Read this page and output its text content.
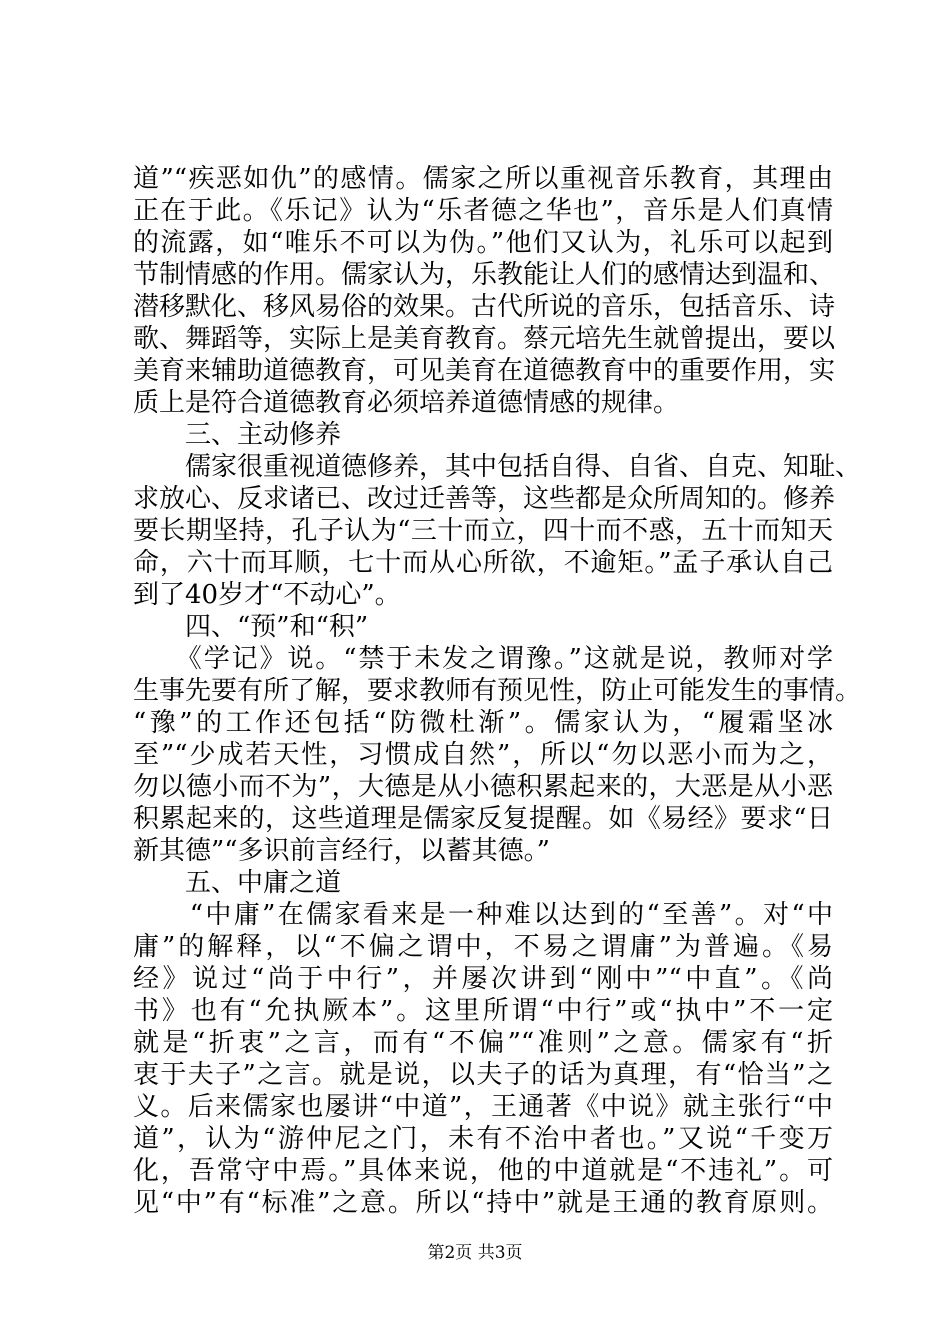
道”“疾恶如仇”的感情。儒家之所以重视音乐教育，其理由
正在于此。《乐记》认为“乐者德之华也”，音乐是人们真情
的流露，如“唯乐不可以为伪。”他们又认为，礼乐可以起到
节制情感的作用。儒家认为，乐教能让人们的感情达到温和、
潜移默化、移风易俗的效果。古代所说的音乐，包括音乐、诗
歌、舞蹈等，实际上是美育教育。蔡元培先生就曾提出，要以
美育来辅助道德教育，可见美育在道德教育中的重要作用，实
质上是符合道德教育必须培养道德情感的规律。
三、主动修养
　　儒家很重视道德修养，其中包括自得、自省、自克、知耻、
求放心、反求诸已、改过迁善等，这些都是众所周知的。修养
要长期坚持，孔子认为“三十而立，四十而不惑，五十而知天
命，六十而耳顺，七十而从心所欲，不逾矩。”孟子承认自己
到了40岁才“不动心”。
四、“预”和“积”
　　《学记》说。“禁于未发之谓豫。”这就是说，教师对学
生事先要有所了解，要求教师有预见性，防止可能发生的事情。
“豫”的工作还包括“防微杜渐”。儒家认为，“履霜坚冰
至”“少成若天性，习惯成自然”，所以“勿以恶小而为之，
勿以德小而不为”，大德是从小德积累起来的，大恶是从小恶
积累起来的，这些道理是儒家反复提醒。如《易经》要求“日
新其德”“多识前言经行，以蓄其德。”
五、中庸之道
　　“中庸”在儒家看来是一种难以达到的“至善”。对“中
庸”的解释，以“不偏之谓中，不易之谓庸”为普遍。《易
经》说过“尚于中行”，并屡次讲到“刚中”“中直”。《尚
书》也有“允执厥本”。这里所谓“中行”或“执中”不一定
就是“折衷”之言，而有“不偏”“准则”之意。儒家有“折
衷于夫子”之言。就是说，以夫子的话为真理，有“恰当”之
义。后来儒家也屡讲“中道”，王通著《中说》就主张行“中
道”，认为“游仲尼之门，未有不治中者也。”又说“千变万
化，吾常守中焉。”具体来说，他的中道就是“不违礼”。可
见“中”有“标准”之意。所以“持中”就是王通的教育原则。
第2页 共3页
